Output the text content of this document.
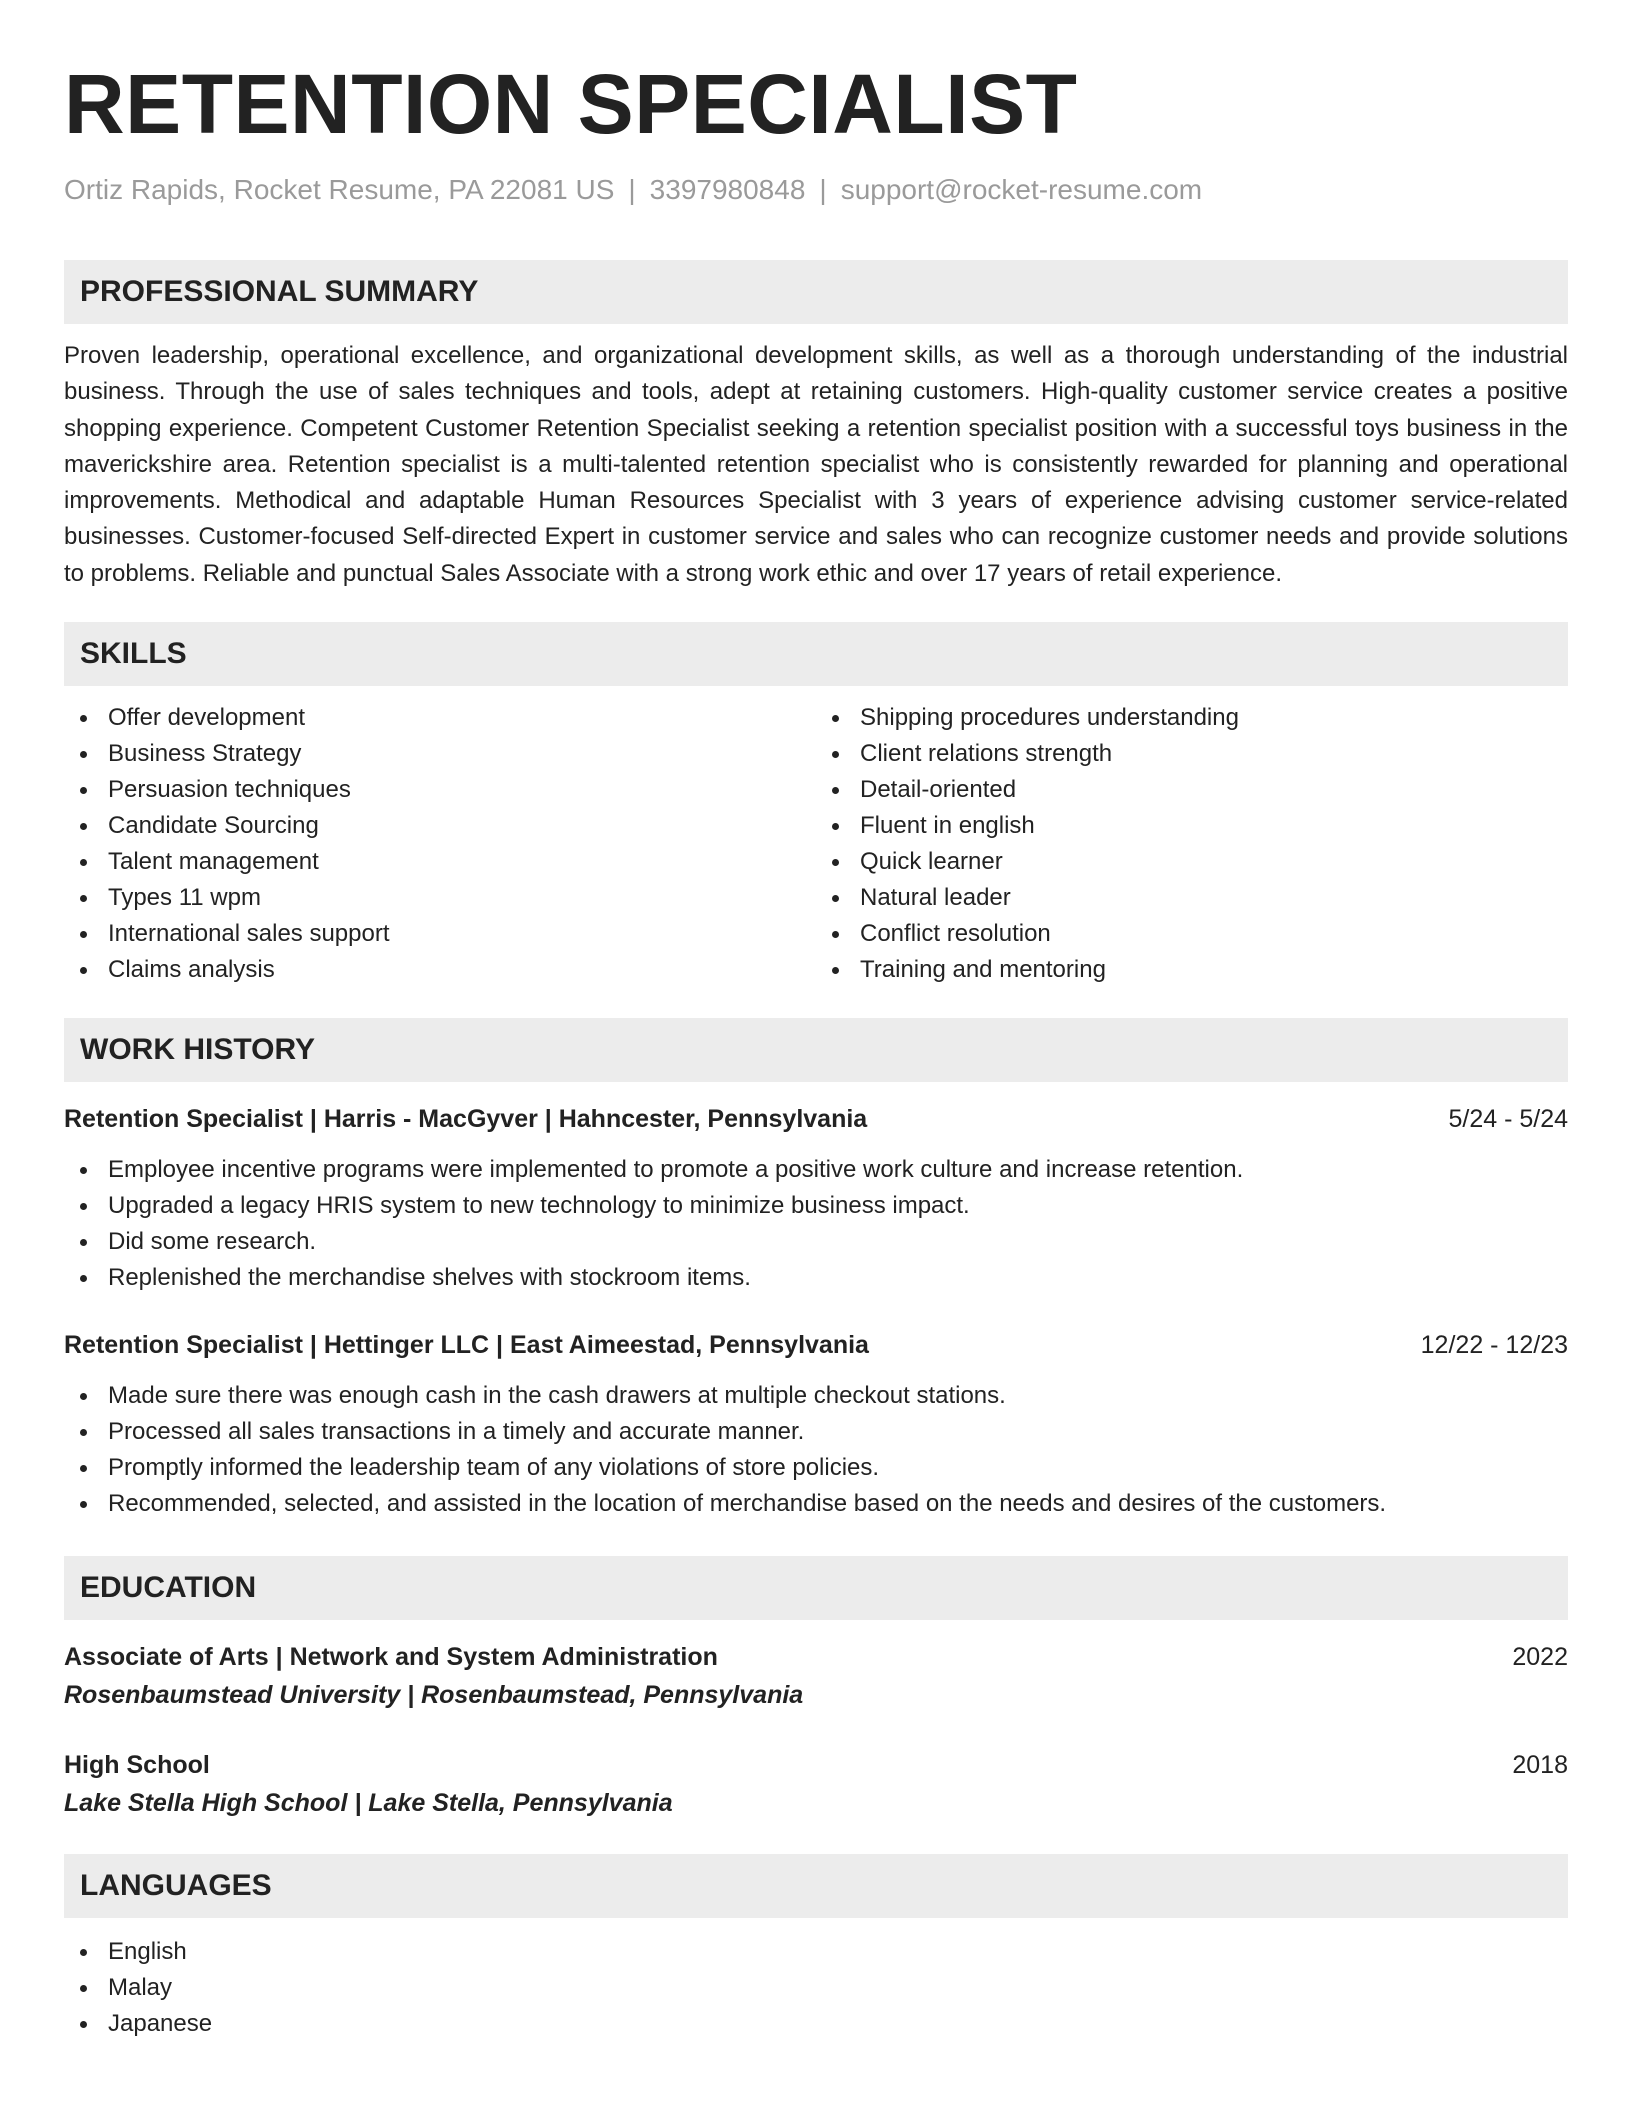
RETENTION SPECIALIST
Ortiz Rapids, Rocket Resume, PA 22081 US | 3397980848 | support@rocket-resume.com
PROFESSIONAL SUMMARY

Proven leadership, operational excellence, and organizational development skills, as well as a thorough understanding of the industrial business. Through the use of sales techniques and tools, adept at retaining customers. High-quality customer service creates a positive shopping experience. Competent Customer Retention Specialist seeking a retention specialist position with a successful toys business in the maverickshire area. Retention specialist is a multi-talented retention specialist who is consistently rewarded for planning and operational improvements. Methodical and adaptable Human Resources Specialist with 3 years of experience advising customer service-related businesses. Customer-focused Self-directed Expert in customer service and sales who can recognize customer needs and provide solutions to problems. Reliable and punctual Sales Associate with a strong work ethic and over 17 years of retail experience.

SKILLS
Offer development
Business Strategy
Persuasion techniques
Candidate Sourcing
Talent management
Types 11 wpm
International sales support
Claims analysis
Shipping procedures understanding
Client relations strength
Detail-oriented
Fluent in english
Quick learner
Natural leader
Conflict resolution
Training and mentoring
WORK HISTORY
Retention Specialist | Harris - MacGyver | Hahncester, Pennsylvania	5/24 - 5/24
Employee incentive programs were implemented to promote a positive work culture and increase retention.
Upgraded a legacy HRIS system to new technology to minimize business impact.
Did some research.
Replenished the merchandise shelves with stockroom items.
Retention Specialist | Hettinger LLC | East Aimeestad, Pennsylvania	12/22 - 12/23
Made sure there was enough cash in the cash drawers at multiple checkout stations.
Processed all sales transactions in a timely and accurate manner.
Promptly informed the leadership team of any violations of store policies.
Recommended, selected, and assisted in the location of merchandise based on the needs and desires of the customers.
EDUCATION
Associate of Arts | Network and System Administration	2022
Rosenbaumstead University | Rosenbaumstead, Pennsylvania
High School	2018
Lake Stella High School | Lake Stella, Pennsylvania
LANGUAGES
English
Malay
Japanese
